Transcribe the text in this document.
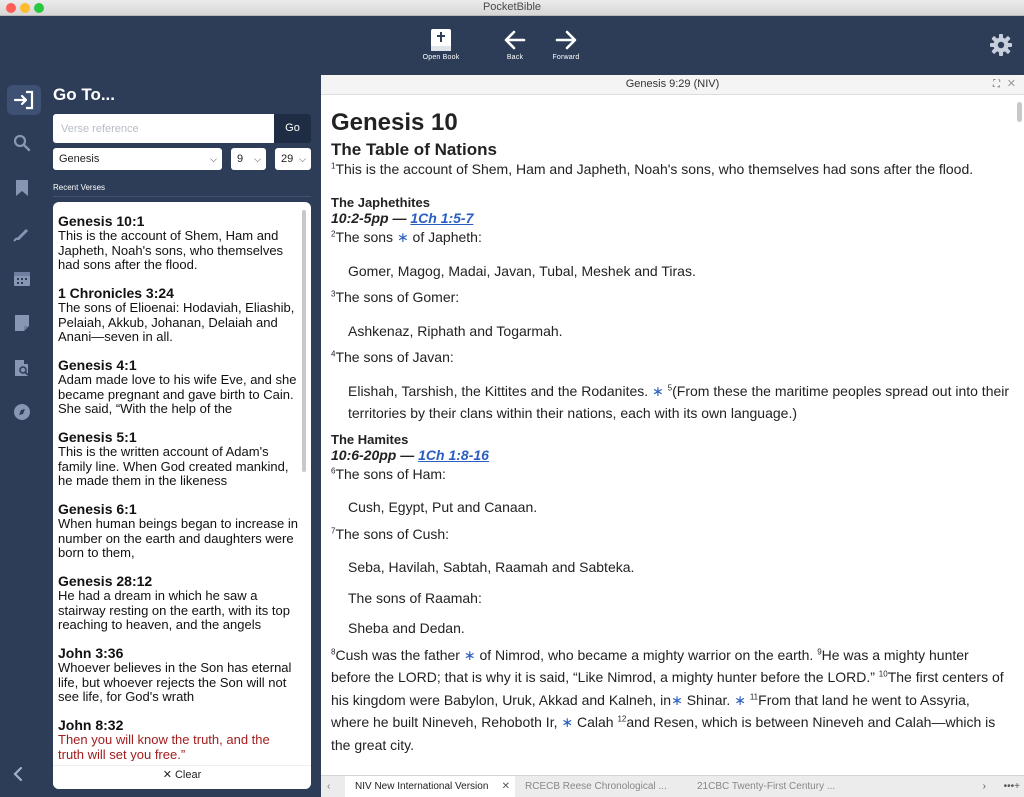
PocketBible
Open Book	Back	Forward
Go To...
Verse reference
Go
Genesis	⌵	9 ⌵	29 ⌵
Recent Verses
Genesis 10:1
This is the account of Shem, Ham and Japheth, Noah's sons, who themselves had sons after the flood.
1 Chronicles 3:24
The sons of Elioenai: Hodaviah, Eliashib, Pelaiah, Akkub, Johanan, Delaiah and Anani—seven in all.
Genesis 4:1
Adam made love to his wife Eve, and she became pregnant and gave birth to Cain. She said, “With the help of the
Genesis 5:1
This is the written account of Adam's family line. When God created mankind, he made them in the likeness
Genesis 6:1
When human beings began to increase in number on the earth and daughters were born to them,
Genesis 28:12
He had a dream in which he saw a stairway resting on the earth, with its top reaching to heaven, and the angels
John 3:36
Whoever believes in the Son has eternal life, but whoever rejects the Son will not see life, for God's wrath
John 8:32
Then you will know the truth, and the truth will set you free.”
✕ Clear
Genesis 9:29 (NIV)	⛶ ✕
Genesis 10
The Table of Nations

$^1$This is the account of Shem, Ham and Japheth, Noah's sons, who themselves had sons after the flood.

The Japhethites
10:2-5pp — 1Ch 1:5-7

$^2$The sons ∗ of Japheth:

Gomer, Magog, Madai, Javan, Tubal, Meshek and Tiras.

$^3$The sons of Gomer:

Ashkenaz, Riphath and Togarmah.

$^4$The sons of Javan:

Elishah, Tarshish, the Kittites and the Rodanites. ∗ $^5$(From these the maritime peoples spread out into their territories by their clans within their nations, each with its own language.)

The Hamites
10:6-20pp — 1Ch 1:8-16

$^6$The sons of Ham:

Cush, Egypt, Put and Canaan.

$^7$The sons of Cush:

Seba, Havilah, Sabtah, Raamah and Sabteka.

The sons of Raamah:

Sheba and Dedan.

$^8$Cush was the father ∗ of Nimrod, who became a mighty warrior on the earth. $^9$He was a mighty hunter before the LORD; that is why it is said, “Like Nimrod, a mighty hunter before the LORD.” $^{10}$The first centers of his kingdom were Babylon, Uruk, Akkad and Kalneh, in∗ Shinar. ∗ $^{11}$From that land he went to Assyria, where he built Nineveh, Rehoboth Ir, ∗ Calah $^{12}$and Resen, which is between Nineveh and Calah—which is the great city.

‹	NIV New International Version ✕	RCECB Reese Chronological ...	21CBC Twenty-First Century ...	› •••+
